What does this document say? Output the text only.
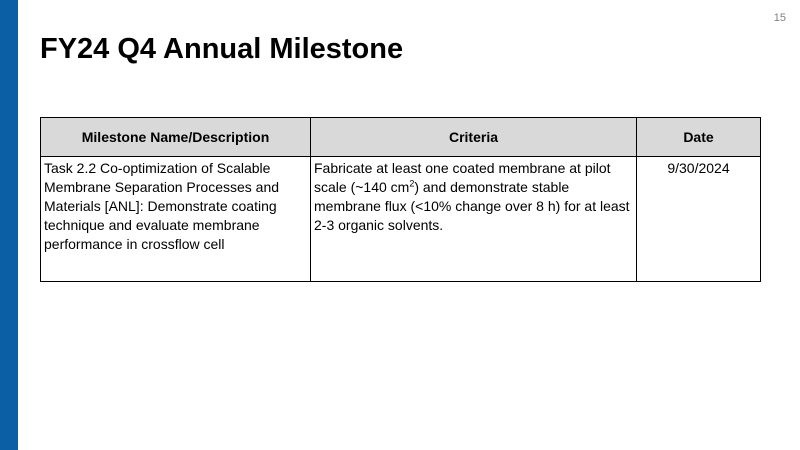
15
FY24 Q4 Annual Milestone
Milestone Name/Description	Criteria	Date
Task 2.2 Co-optimization of Scalable Membrane Separation Processes and Materials [ANL]: Demonstrate coating technique and evaluate membrane performance in crossflow cell	Fabricate at least one coated membrane at pilot scale (~140 $cm^2$) and demonstrate stable membrane flux (<10% change over 8 h) for at least 2-3 organic solvents.	9/30/2024
